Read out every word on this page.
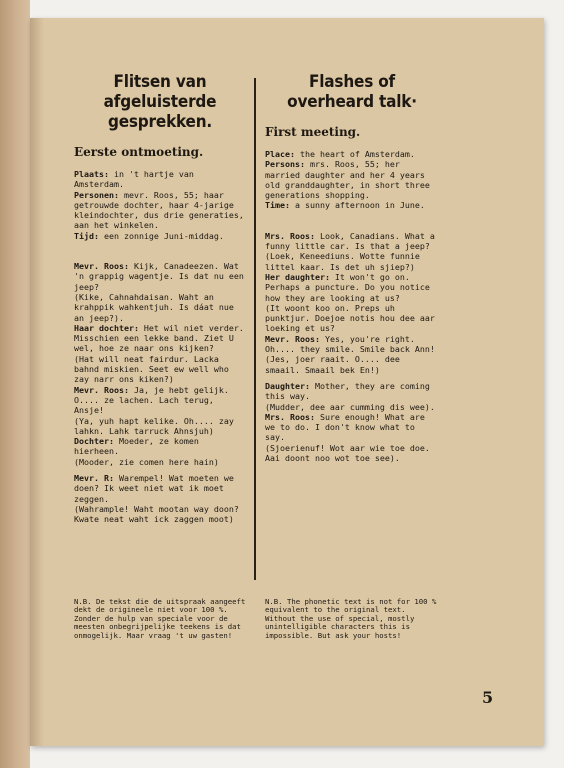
Flitsen van afgeluisterde gesprekken.
Eerste ontmoeting.

Plaats: in 't hartje van Amsterdam.

Personen: mevr. Roos, 55; haar getrouwde dochter, haar 4-jarige kleindochter, dus drie generaties, aan het winkelen.

Tijd: een zonnige Juni-middag.

Mevr. Roos: Kijk, Canadeezen. Wat 'n grappig wagentje. Is dat nu een jeep?

(Kike, Cahnahdaisan. Waht an krahppik wahkentjuh. Is dáat nue an jeep?).

Haar dochter: Het wil niet verder. Misschien een lekke band. Ziet U wel, hoe ze naar ons kijken?

(Hat will neat fairdur. Lacka bahnd miskien. Seet ew well who zay narr ons kiken?)

Mevr. Roos: Ja, je hebt gelijk. O.... ze lachen. Lach terug, Ansje!

(Ya, yuh hapt kelike. Oh.... zay lahkn. Lahk tarruck Ahnsjuh)

Dochter: Moeder, ze komen hierheen.

(Mooder, zie comen here hain)

Mevr. R: Warempel! Wat moeten we doen? Ik weet niet wat ik moet zeggen.

(Wahrample! Waht mootan way doon? Kwate neat waht ick zaggen moot)

Flashes of overheard talk·
First meeting.

Place: the heart of Amsterdam.

Persons: mrs. Roos, 55; her married daughter and her 4 years old granddaughter, in short three generations shopping.

Time: a sunny afternoon in June.

Mrs. Roos: Look, Canadians. What a funny little car. Is that a jeep?

(Loek, Keneediuns. Wotte funnie littel kaar. Is det uh sjiep?)

Her daughter: It won't go on. Perhaps a puncture. Do you notice how they are looking at us?

(It woont koo on. Preps uh punktjur. Doejoe notis hou dee aar loeking et us?

Mevr. Roos: Yes, you're right. Oh.... they smile. Smile back Ann!

(Jes, joer raait. O.... dee smaail. Smaail bek En!)

Daughter: Mother, they are coming this way.

(Mudder, dee aar cumming dis wee).

Mrs. Roos: Sure enough! What are we to do. I don't know what to say.

(Sjoerienuf! Wot aar wie toe doe. Aai doont noo wot toe see).

N.B. De tekst die de uitspraak aangeeft dekt de origineele niet voor 100 %. Zonder de hulp van speciale voor de meesten onbegrijpelijke teekens is dat onmogelijk. Maar vraag 't uw gasten!
N.B. The phonetic text is not for 100 % equivalent to the original text. Without the use of special, mostly unintelligible characters this is impossible. But ask your hosts!
5
